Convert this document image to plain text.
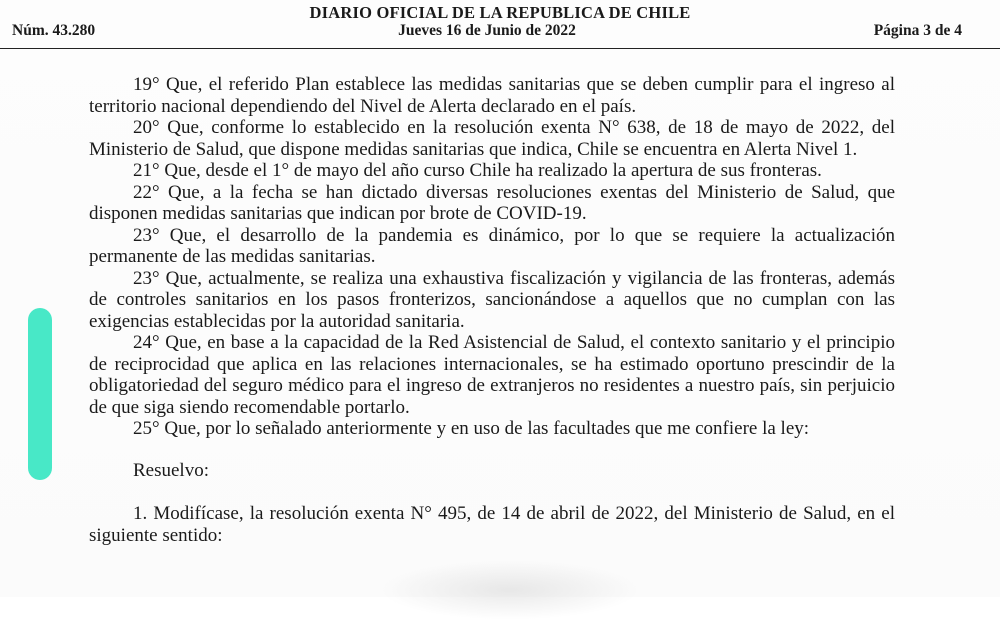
DIARIO OFICIAL DE LA REPUBLICA DE CHILE
Núm. 43.280	Jueves 16 de Junio de 2022	Página 3 de 4

19° Que, el referido Plan establece las medidas sanitarias que se deben cumplir para el ingreso al territorio nacional dependiendo del Nivel de Alerta declarado en el país.

20° Que, conforme lo establecido en la resolución exenta N° 638, de 18 de mayo de 2022, del Ministerio de Salud, que dispone medidas sanitarias que indica, Chile se encuentra en Alerta Nivel 1.

21° Que, desde el 1° de mayo del año curso Chile ha realizado la apertura de sus fronteras.

22° Que, a la fecha se han dictado diversas resoluciones exentas del Ministerio de Salud, que disponen medidas sanitarias que indican por brote de COVID-19.

23° Que, el desarrollo de la pandemia es dinámico, por lo que se requiere la actualización permanente de las medidas sanitarias.

23° Que, actualmente, se realiza una exhaustiva fiscalización y vigilancia de las fronteras, además de controles sanitarios en los pasos fronterizos, sancionándose a aquellos que no cumplan con las exigencias establecidas por la autoridad sanitaria.

24° Que, en base a la capacidad de la Red Asistencial de Salud, el contexto sanitario y el principio de reciprocidad que aplica en las relaciones internacionales, se ha estimado oportuno prescindir de la obligatoriedad del seguro médico para el ingreso de extranjeros no residentes a nuestro país, sin perjuicio de que siga siendo recomendable portarlo.

25° Que, por lo señalado anteriormente y en uso de las facultades que me confiere la ley:

Resuelvo:

1. Modifícase, la resolución exenta N° 495, de 14 de abril de 2022, del Ministerio de Salud, en el siguiente sentido:
